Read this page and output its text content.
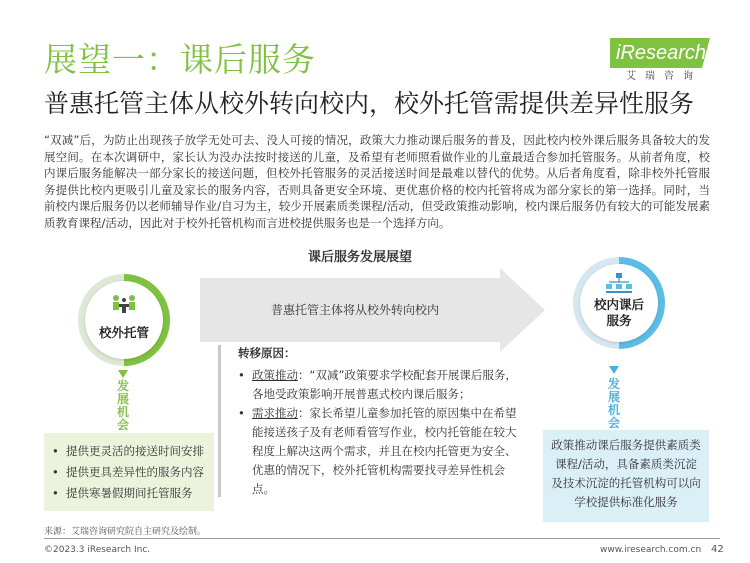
展望一：课后服务
普惠托管主体从校外转向校内，校外托管需提供差异性服务
iResearch
艾瑞咨询
“双减”后，为防止出现孩子放学无处可去、没人可接的情况，政策大力推动课后服务的普及，因此校内校外课后服务具备较大的发展空间。在本次调研中，家长认为没办法按时接送的儿童，及希望有老师照看做作业的儿童最适合参加托管服务。从前者角度，校内课后服务能解决一部分家长的接送问题，但校外托管服务的灵活接送时间是最难以替代的优势。从后者角度看，除非校外托管服务提供比校内更吸引儿童及家长的服务内容，否则具备更安全环境、更优惠价格的校内托管将成为部分家长的第一选择。同时，当前校内课后服务仍以老师辅导作业/自习为主，较少开展素质类课程/活动，但受政策推动影响，校内课后服务仍有较大的可能发展素质教育课程/活动，因此对于校外托管机构而言进校提供服务也是一个选择方向。
课后服务发展展望
普惠托管主体将从校外转向校内
校外托管
校内课后
服务
发
展
机
会
发
展
机
会
转移原因：
• 政策推动：“双减”政策要求学校配套开展课后服务，各地受政策影响开展普惠式校内课后服务；
• 需求推动：家长希望儿童参加托管的原因集中在希望能接送孩子及有老师看管写作业，校内托管能在较大程度上解决这两个需求，并且在校内托管更为安全、优惠的情况下，校外托管机构需要找寻差异性机会点。
• 提供更灵活的接送时间安排
• 提供更具差异性的服务内容
• 提供寒暑假期间托管服务
政策推动课后服务提供素质类课程/活动，具备素质类沉淀及技术沉淀的托管机构可以向学校提供标准化服务
来源：艾瑞咨询研究院自主研究及绘制。
©2023.3 iResearch Inc.	www.iresearch.com.cn 42
